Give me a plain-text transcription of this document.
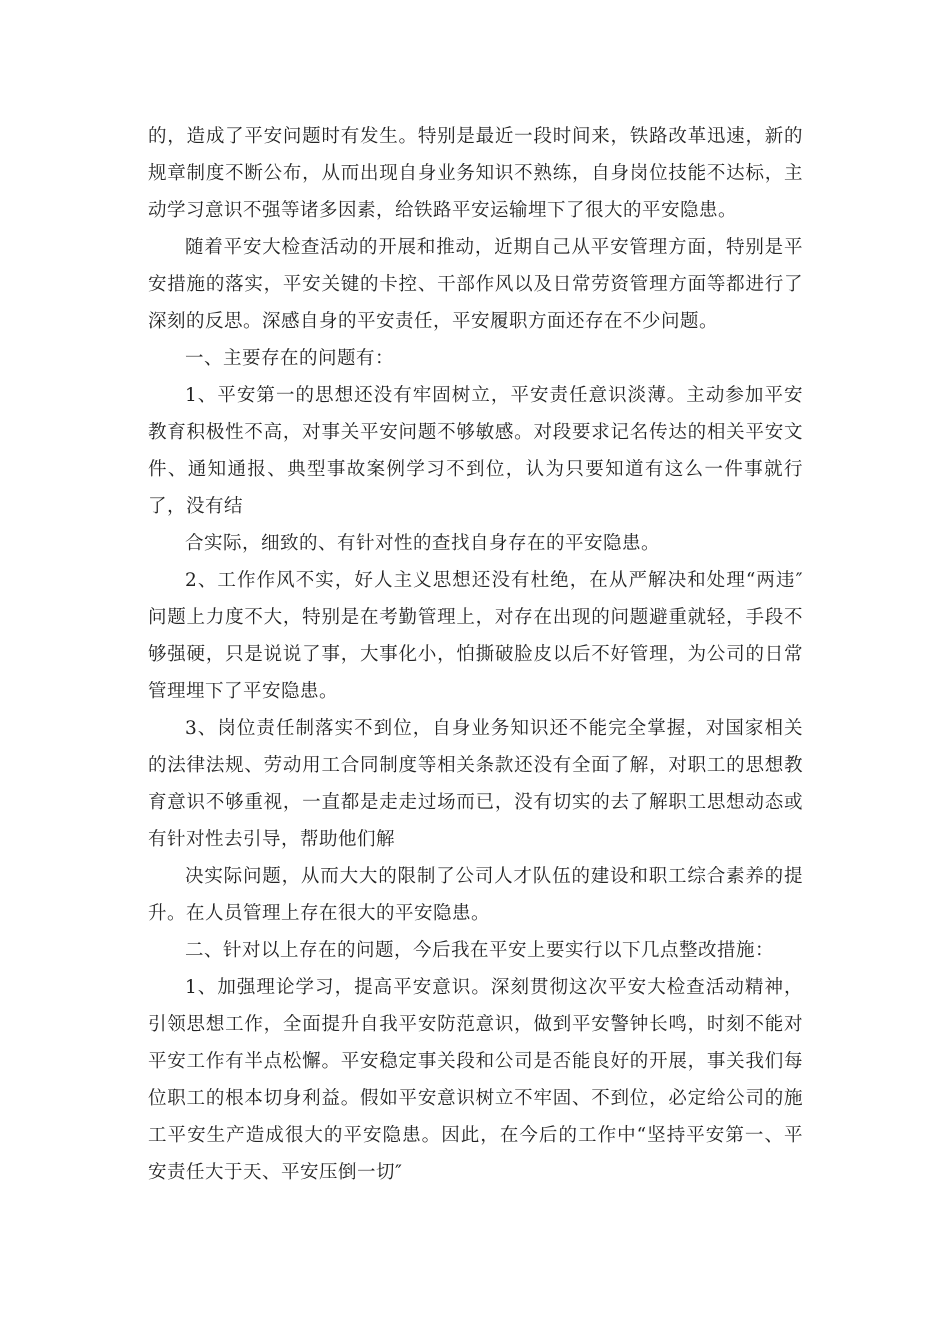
的，造成了平安问题时有发生。特别是最近一段时间来，铁路改革迅速，新的规章制度不断公布，从而出现自身业务知识不熟练，自身岗位技能不达标，主动学习意识不强等诸多因素，给铁路平安运输埋下了很大的平安隐患。

随着平安大检查活动的开展和推动，近期自己从平安管理方面，特别是平安措施的落实，平安关键的卡控、干部作风以及日常劳资管理方面等都进行了深刻的反思。深感自身的平安责任，平安履职方面还存在不少问题。

一、主要存在的问题有：

1、平安第一的思想还没有牢固树立，平安责任意识淡薄。主动参加平安教育积极性不高，对事关平安问题不够敏感。对段要求记名传达的相关平安文件、通知通报、典型事故案例学习不到位，认为只要知道有这么一件事就行了，没有结

合实际，细致的、有针对性的查找自身存在的平安隐患。

2、工作作风不实，好人主义思想还没有杜绝，在从严解决和处理“两违″问题上力度不大，特别是在考勤管理上，对存在出现的问题避重就轻，手段不够强硬，只是说说了事，大事化小，怕撕破脸皮以后不好管理，为公司的日常管理埋下了平安隐患。

3、岗位责任制落实不到位，自身业务知识还不能完全掌握，对国家相关的法律法规、劳动用工合同制度等相关条款还没有全面了解，对职工的思想教育意识不够重视，一直都是走走过场而已，没有切实的去了解职工思想动态或有针对性去引导，帮助他们解

决实际问题，从而大大的限制了公司人才队伍的建设和职工综合素养的提升。在人员管理上存在很大的平安隐患。

二、针对以上存在的问题，今后我在平安上要实行以下几点整改措施：

1、加强理论学习，提高平安意识。深刻贯彻这次平安大检查活动精神，引领思想工作，全面提升自我平安防范意识，做到平安警钟长鸣，时刻不能对平安工作有半点松懈。平安稳定事关段和公司是否能良好的开展，事关我们每位职工的根本切身利益。假如平安意识树立不牢固、不到位，必定给公司的施工平安生产造成很大的平安隐患。因此，在今后的工作中“坚持平安第一、平安责任大于天、平安压倒一切″
